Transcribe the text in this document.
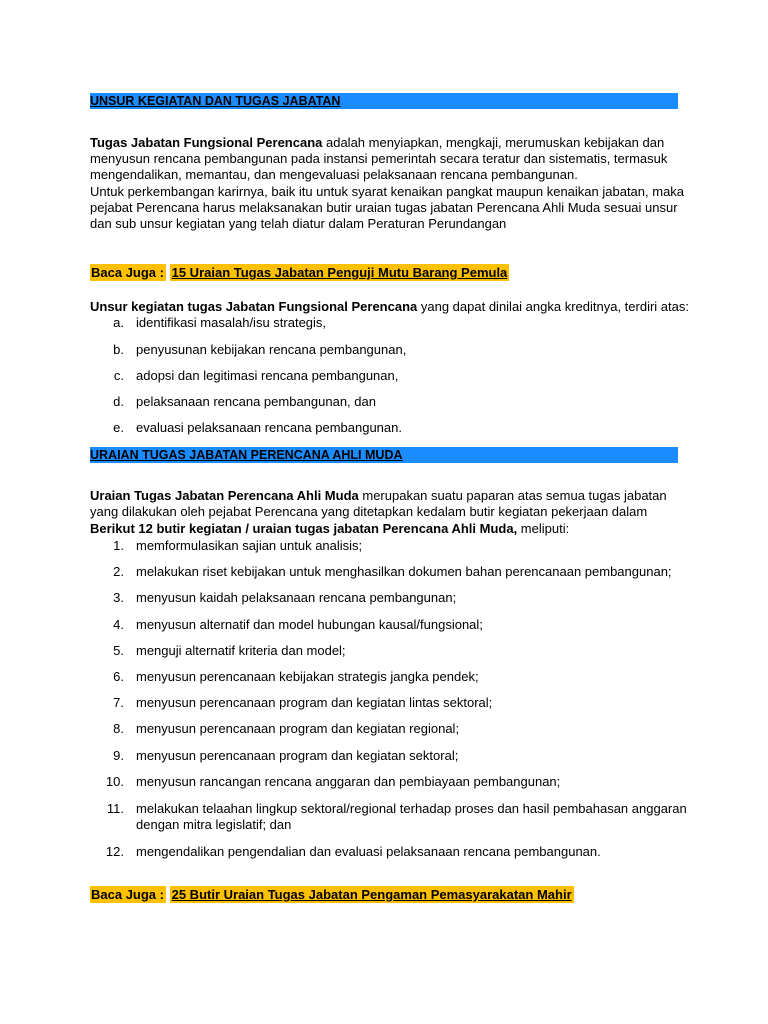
UNSUR KEGIATAN DAN TUGAS JABATAN
Tugas Jabatan Fungsional Perencana adalah menyiapkan, mengkaji, merumuskan kebijakan dan menyusun rencana pembangunan pada instansi pemerintah secara teratur dan sistematis, termasuk mengendalikan, memantau, dan mengevaluasi pelaksanaan rencana pembangunan.
Untuk perkembangan karirnya, baik itu untuk syarat kenaikan pangkat maupun kenaikan jabatan, maka pejabat Perencana harus melaksanakan butir uraian tugas jabatan Perencana Ahli Muda sesuai unsur dan sub unsur kegiatan yang telah diatur dalam Peraturan Perundangan
Baca Juga : 15 Uraian Tugas Jabatan Penguji Mutu Barang Pemula
Unsur kegiatan tugas Jabatan Fungsional Perencana yang dapat dinilai angka kreditnya, terdiri atas:
a. identifikasi masalah/isu strategis,
b. penyusunan kebijakan rencana pembangunan,
c. adopsi dan legitimasi rencana pembangunan,
d. pelaksanaan rencana pembangunan, dan
e. evaluasi pelaksanaan rencana pembangunan.
URAIAN TUGAS JABATAN PERENCANA AHLI MUDA
Uraian Tugas Jabatan Perencana Ahli Muda merupakan suatu paparan atas semua tugas jabatan yang dilakukan oleh pejabat Perencana yang ditetapkan kedalam butir kegiatan pekerjaan dalam
Berikut 12 butir kegiatan / uraian tugas jabatan Perencana Ahli Muda, meliputi:
1. memformulasikan sajian untuk analisis;
2. melakukan riset kebijakan untuk menghasilkan dokumen bahan perencanaan pembangunan;
3. menyusun kaidah pelaksanaan rencana pembangunan;
4. menyusun alternatif dan model hubungan kausal/fungsional;
5. menguji alternatif kriteria dan model;
6. menyusun perencanaan kebijakan strategis jangka pendek;
7. menyusun perencanaan program dan kegiatan lintas sektoral;
8. menyusun perencanaan program dan kegiatan regional;
9. menyusun perencanaan program dan kegiatan sektoral;
10. menyusun rancangan rencana anggaran dan pembiayaan pembangunan;
11. melakukan telaahan lingkup sektoral/regional terhadap proses dan hasil pembahasan anggaran dengan mitra legislatif; dan
12. mengendalikan pengendalian dan evaluasi pelaksanaan rencana pembangunan.
Baca Juga : 25 Butir Uraian Tugas Jabatan Pengaman Pemasyarakatan Mahir
